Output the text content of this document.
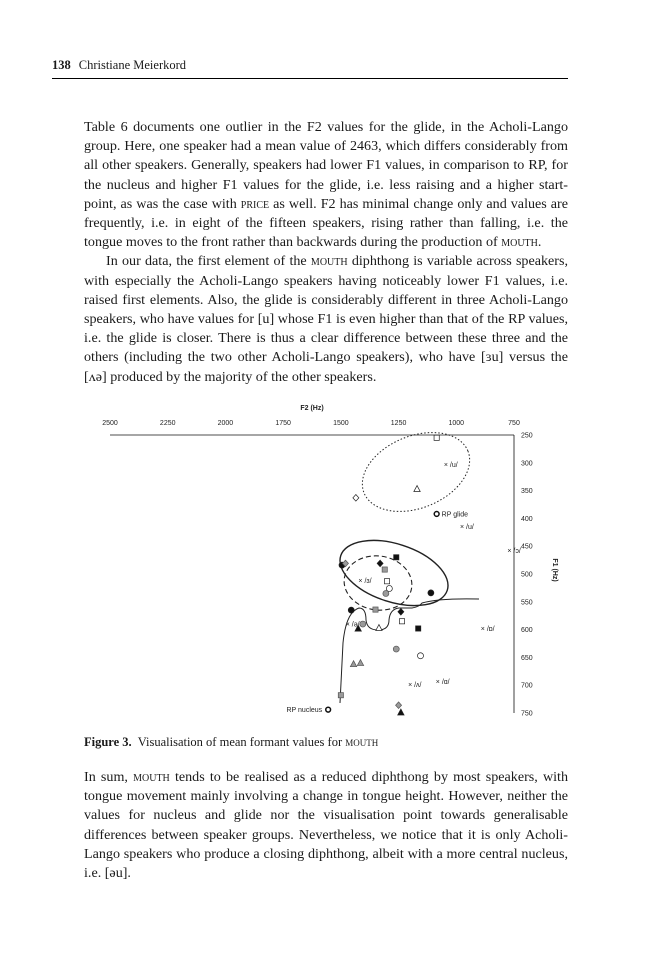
138 Christiane Meierkord
Table 6 documents one outlier in the F2 values for the glide, in the Acholi-Lango group. Here, one speaker had a mean value of 2463, which differs considerably from all other speakers. Generally, speakers had lower F1 values, in comparison to RP, for the nucleus and higher F1 values for the glide, i.e. less raising and a higher start-point, as was the case with price as well. F2 has minimal change only and values are frequently, i.e. in eight of the fifteen speakers, rising rather than falling, i.e. the tongue moves to the front rather than backwards during the production of mouth.
In our data, the first element of the mouth diphthong is variable across speakers, with especially the Acholi-Lango speakers having noticeably lower F1 values, i.e. raised first elements. Also, the glide is considerably different in three Acholi-Lango speakers, who have values for [u] whose F1 is even higher than that of the RP values, i.e. the glide is closer. There is thus a clear difference between these three and the others (including the two other Acholi-Lango speakers), who have [ɜu] versus the [ʌə] produced by the majority of the other speakers.
F2 (Hz)
F1 (Hz)
2500	2250	2000	1750	1500	1250	1000	750
250
300
350
400
450
500
550
600
650
700
750
× /u/
× /u/
× /ɔ/
× /ɜ/
× /ɒ/
× /ə/
× /ʌ/ × /ɑ/
RP glide
RP nucleus
Figure 3. Visualisation of mean formant values for mouth
In sum, mouth tends to be realised as a reduced diphthong by most speakers, with tongue movement mainly involving a change in tongue height. However, neither the values for nucleus and glide nor the visualisation point towards generalisable differences between speaker groups. Nevertheless, we notice that it is only Acholi-Lango speakers who produce a closing diphthong, albeit with a more central nucleus, i.e. [əu].
